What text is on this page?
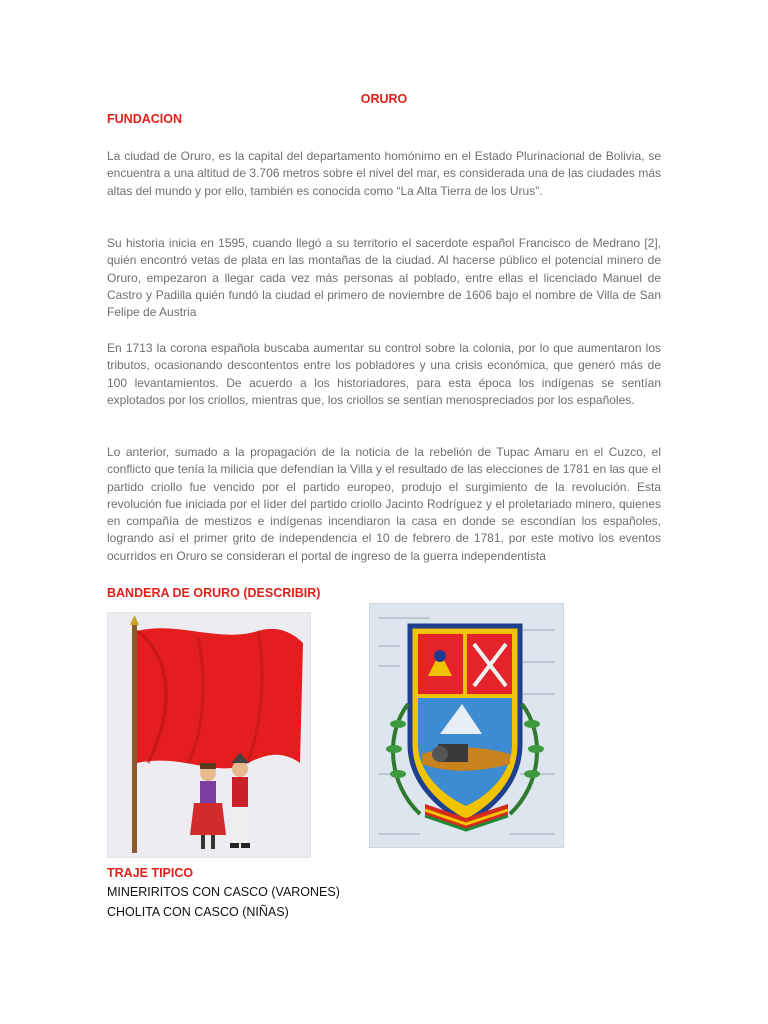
ORURO
FUNDACION

La ciudad de Oruro, es la capital del departamento homónimo en el Estado Plurinacional de Bolivia, se encuentra a una altitud de 3.706 metros sobre el nivel del mar, es considerada una de las ciudades más altas del mundo y por ello, también es conocida como “La Alta Tierra de los Urus”.

Su historia inicia en 1595, cuando llegó a su territorio el sacerdote español Francisco de Medrano [2], quién encontró vetas de plata en las montañas de la ciudad. Al hacerse público el potencial minero de Oruro, empezaron a llegar cada vez más personas al poblado, entre ellas el licenciado Manuel de Castro y Padilla quién fundó la ciudad el primero de noviembre de 1606 bajo el nombre de Villa de San Felipe de Austria

En 1713 la corona española buscaba aumentar su control sobre la colonia, por lo que aumentaron los tributos, ocasionando descontentos entre los pobladores y una crisis económica, que generó más de 100 levantamientos. De acuerdo a los historiadores, para esta época los indígenas se sentían explotados por los criollos, mientras que, los criollos se sentían menospreciados por los españoles.

Lo anterior, sumado a la propagación de la noticia de la rebelión de Tupac Amaru en el Cuzco, el conflicto que tenía la milicia que defendían la Villa y el resultado de las elecciones de 1781 en las que el partido criollo fue vencido por el partido europeo, produjo el surgimiento de la revolución. Esta revolución fue iniciada por el líder del partido criollo Jacinto Rodríguez y el proletariado minero, quienes en compañía de mestizos e indígenas incendiaron la casa en donde se escondían los españoles, logrando así el primer grito de independencia el 10 de febrero de 1781, por este motivo los eventos ocurridos en Oruro se consideran el portal de ingreso de la guerra independentista

BANDERA DE ORURO (DESCRIBIR)
TRAJE TIPICO
MINERIRITOS CON CASCO (VARONES)
CHOLITA CON CASCO (NIÑAS)
